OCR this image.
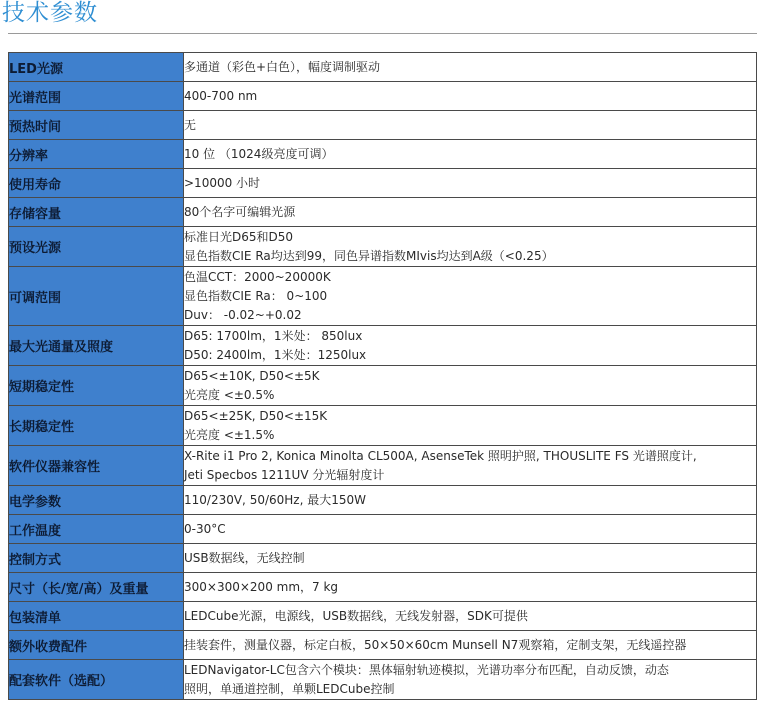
技术参数
LED光源	多通道（彩色+白色），幅度调制驱动

光谱范围	400-700 nm

预热时间	无

分辨率	10 位 （1024级亮度可调）

使用寿命	>10000 小时

存储容量	80个名字可编辑光源

预设光源	标准日光D65和D50
显色指数CIE Ra均达到99，同色异谱指数MIvis均达到A级（<0.25）

可调范围	色温CCT：2000~20000K
显色指数CIE Ra： 0~100
Duv： -0.02~+0.02

最大光通量及照度	D65: 1700lm，1米处： 850lux
D50: 2400lm，1米处：1250lux

短期稳定性	D65<±10K, D50<±5K
光亮度 <±0.5%

长期稳定性	D65<±25K, D50<±15K
光亮度 <±1.5%

软件仪器兼容性	X-Rite i1 Pro 2, Konica Minolta CL500A, AsenseTek 照明护照, THOUSLITE FS 光谱照度计,
Jeti Specbos 1211UV 分光辐射度计

电学参数	110/230V, 50/60Hz, 最大150W

工作温度	0-30°C

控制方式	USB数据线，无线控制

尺寸（长/宽/高）及重量	300×300×200 mm，7 kg

包装清单	LEDCube光源，电源线，USB数据线，无线发射器，SDK可提供

额外收费配件	挂装套件，测量仪器，标定白板，50×50×60cm Munsell N7观察箱，定制支架，无线遥控器

配套软件（选配）	LEDNavigator-LC包含六个模块：黑体辐射轨迹模拟，光谱功率分布匹配，自动反馈，动态
照明，单通道控制，单颗LEDCube控制
